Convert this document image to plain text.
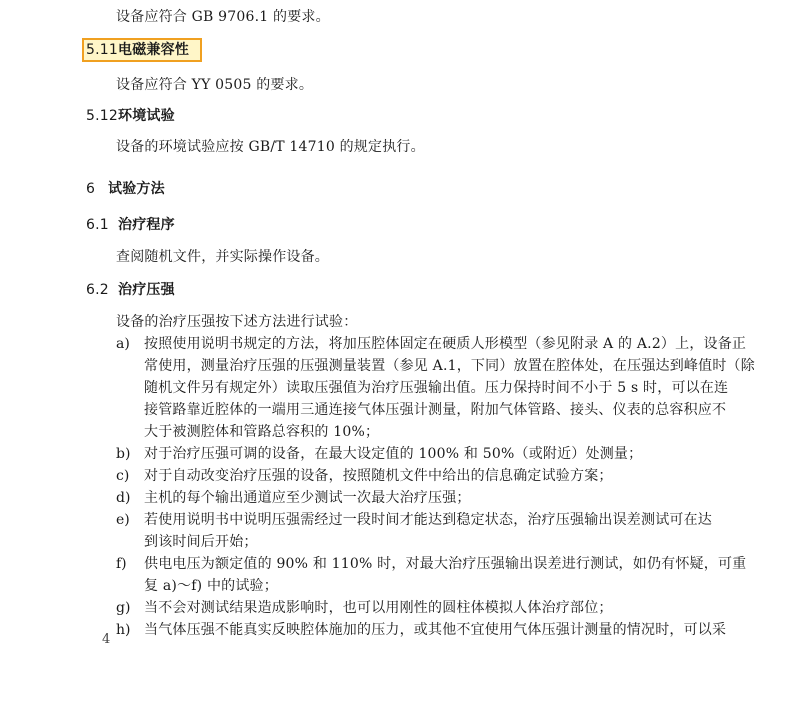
设备应符合 GB 9706.1 的要求。
5.11电磁兼容性
设备应符合 YY 0505 的要求。
5.12环境试验
设备的环境试验应按 GB/T 14710 的规定执行。
6 试验方法
6.1 治疗程序
查阅随机文件，并实际操作设备。
6.2 治疗压强
设备的治疗压强按下述方法进行试验：
a) 按照使用说明书规定的方法，将加压腔体固定在硬质人形模型（参见附录 A 的 A.2）上，设备正
常使用，测量治疗压强的压强测量装置（参见 A.1，下同）放置在腔体处，在压强达到峰值时（除
随机文件另有规定外）读取压强值为治疗压强输出值。压力保持时间不小于 5 s 时，可以在连
接管路靠近腔体的一端用三通连接气体压强计测量，附加气体管路、接头、仪表的总容积应不
大于被测腔体和管路总容积的 10%；
b) 对于治疗压强可调的设备，在最大设定值的 100% 和 50%（或附近）处测量；
c) 对于自动改变治疗压强的设备，按照随机文件中给出的信息确定试验方案；
d) 主机的每个输出通道应至少测试一次最大治疗压强；
e) 若使用说明书中说明压强需经过一段时间才能达到稳定状态，治疗压强输出误差测试可在达
到该时间后开始；
f) 供电电压为额定值的 90% 和 110% 时，对最大治疗压强输出误差进行测试，如仍有怀疑，可重
复 a)～f) 中的试验；
g) 当不会对测试结果造成影响时，也可以用刚性的圆柱体模拟人体治疗部位；
h) 当气体压强不能真实反映腔体施加的压力，或其他不宜使用气体压强计测量的情况时，可以采
4
